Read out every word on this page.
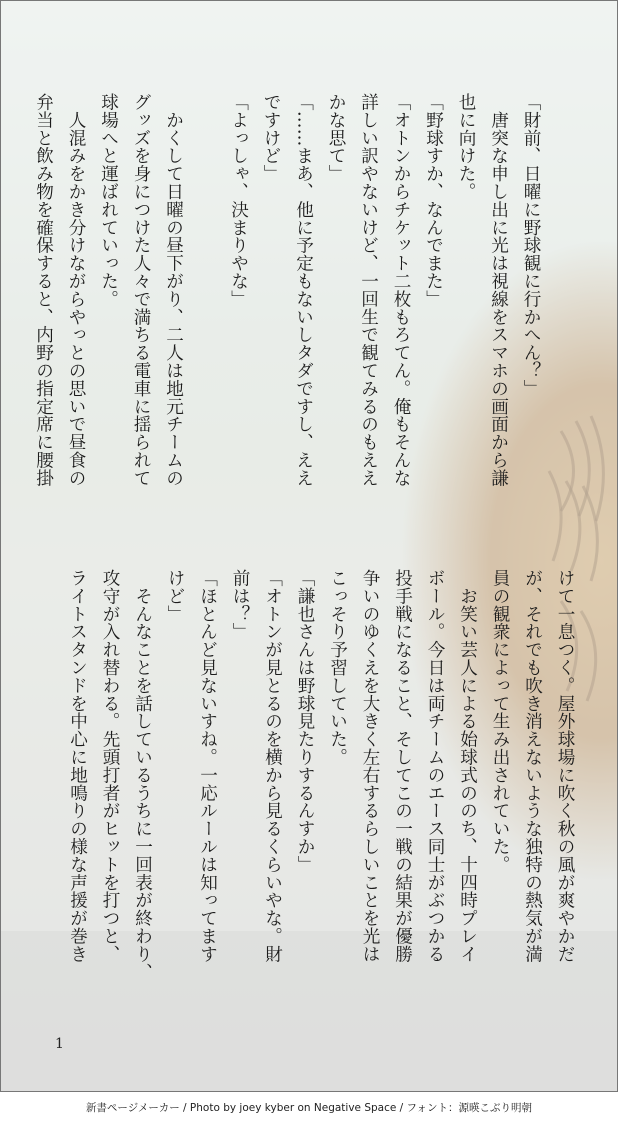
「財前、日曜に野球観に行かへん？」
　唐突な申し出に光は視線をスマホの画面から謙
也に向けた。
「野球すか、なんでまた」
「オトンからチケット二枚もろてん。俺もそんな
詳しい訳やないけど、一回生で観てみるのもええ
かな思て」
「……まあ、他に予定もないしタダですし、ええ
ですけど」
「よっしゃ、決まりやな」
　かくして日曜の昼下がり、二人は地元チームの
グッズを身につけた人々で満ちる電車に揺られて
球場へと運ばれていった。
　人混みをかき分けながらやっとの思いで昼食の
弁当と飲み物を確保すると、内野の指定席に腰掛
けて一息つく。屋外球場に吹く秋の風が爽やかだ
が、それでも吹き消えないような独特の熱気が満
員の観衆によって生み出されていた。
　お笑い芸人による始球式ののち、十四時プレイ
ボール。今日は両チームのエース同士がぶつかる
投手戦になること、そしてこの一戦の結果が優勝
争いのゆくえを大きく左右するらしいことを光は
こっそり予習していた。
「謙也さんは野球見たりするんすか」
「オトンが見とるのを横から見るくらいやな。財
前は？」
「ほとんど見ないすね。一応ルールは知ってます
けど」
　そんなことを話しているうちに一回表が終わり、
攻守が入れ替わる。先頭打者がヒットを打つと、
ライトスタンドを中心に地鳴りの様な声援が巻き
1
新書ページメーカー / Photo by joey kyber on Negative Space / フォント：源暎こぶり明朝
